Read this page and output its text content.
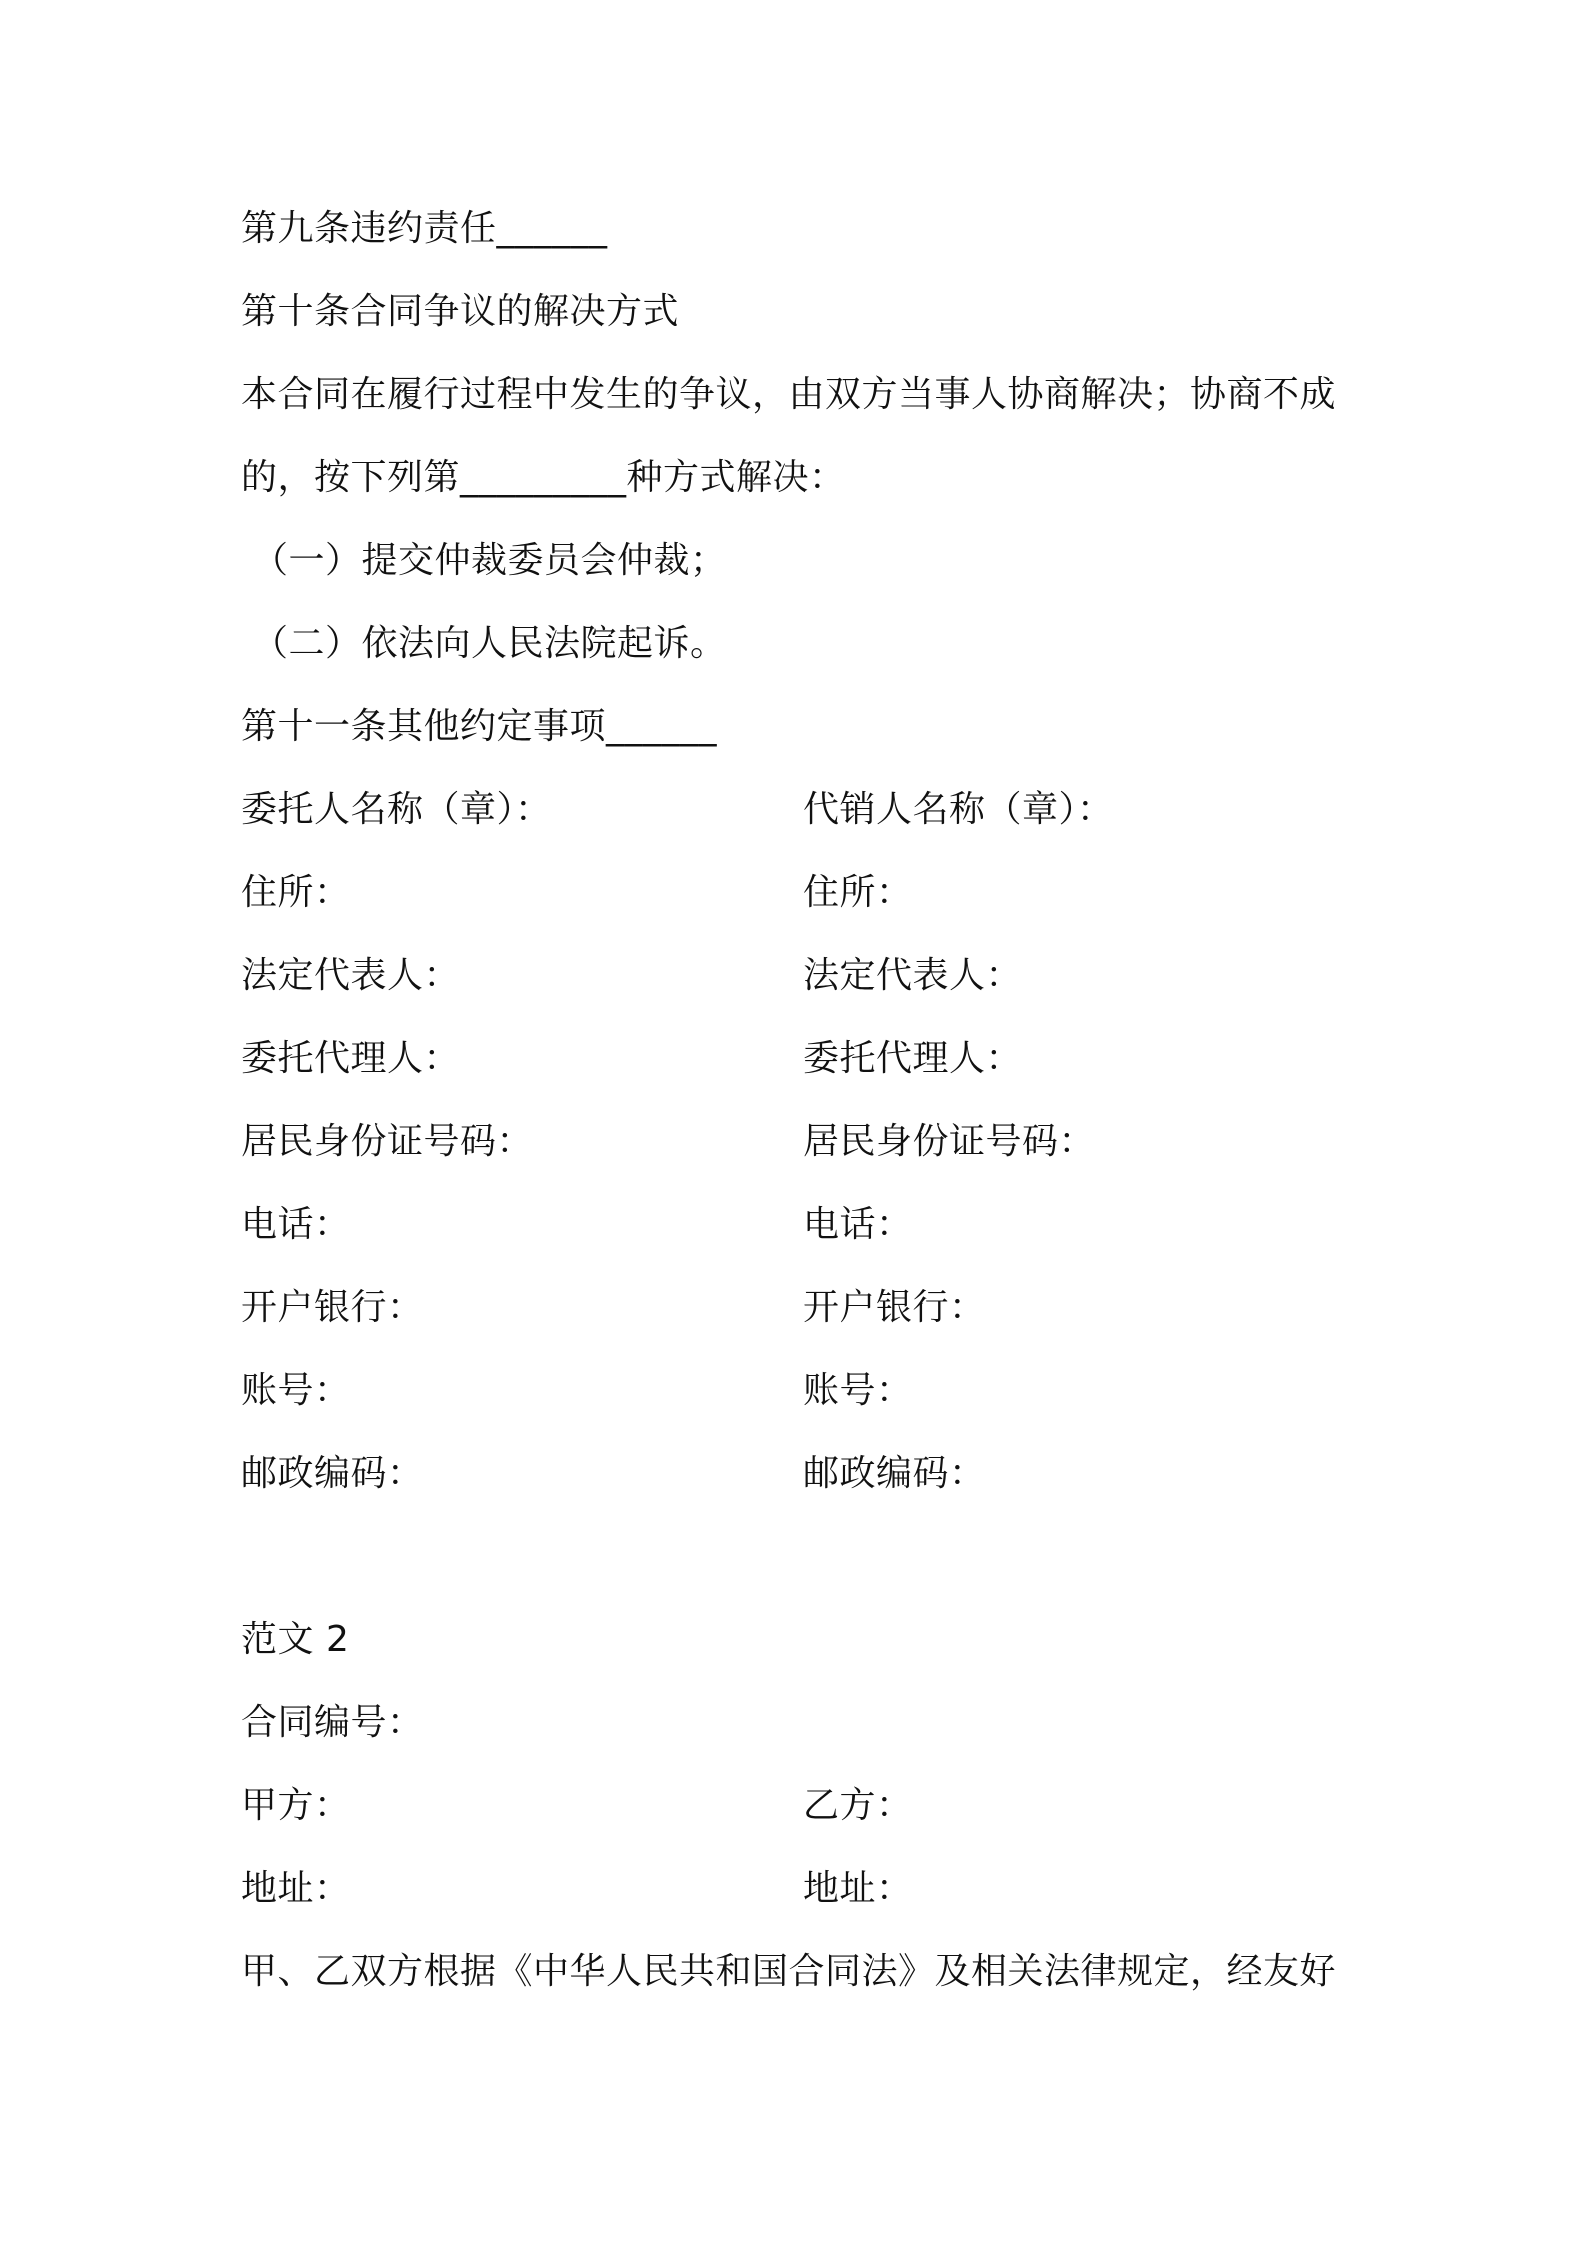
第九条违约责任______
第十条合同争议的解决方式
本合同在履行过程中发生的争议，由双方当事人协商解决；协商不成
的，按下列第_________种方式解决：
（一）提交仲裁委员会仲裁；
（二）依法向人民法院起诉。
第十一条其他约定事项______
委托人名称（章）：
住所：
法定代表人：
委托代理人：
居民身份证号码：
电话：
开户银行：
账号：
邮政编码：
代销人名称（章）：
住所：
法定代表人：
委托代理人：
居民身份证号码：
电话：
开户银行：
账号：
邮政编码：
范文 2
合同编号：
甲方：	乙方：
地址：	地址：
甲、乙双方根据《中华人民共和国合同法》及相关法律规定，经友好
